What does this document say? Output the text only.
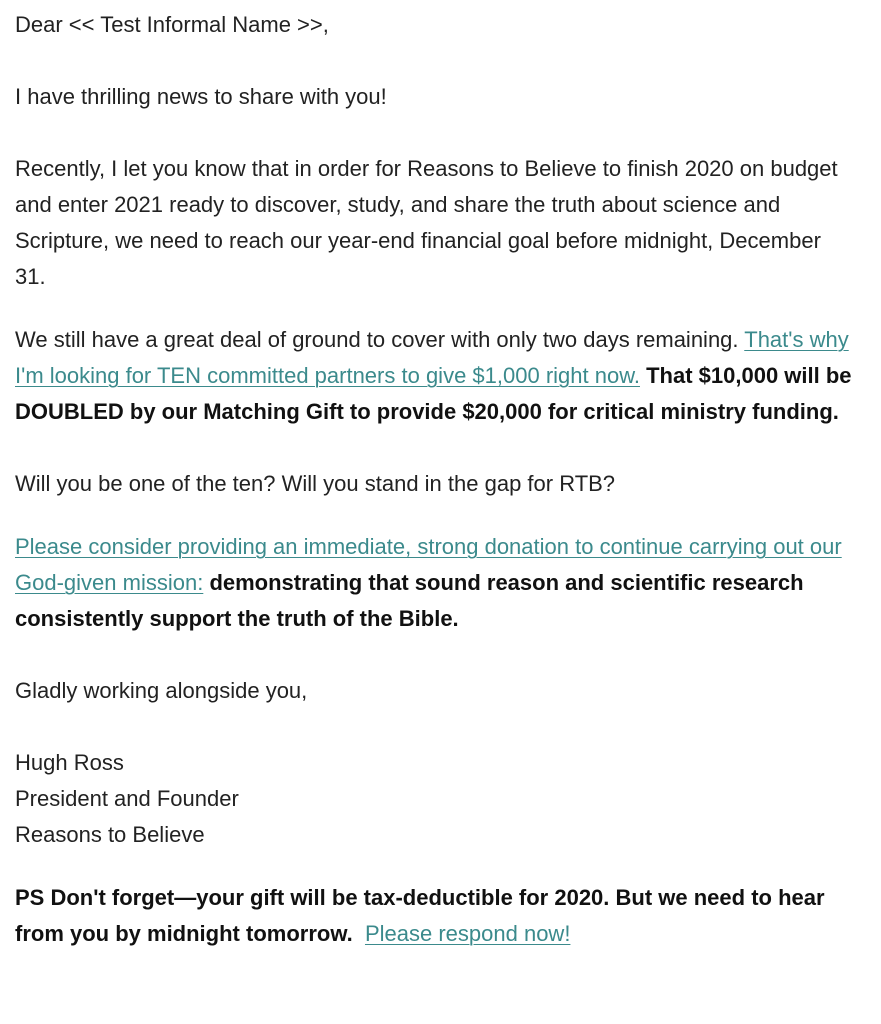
Dear << Test Informal Name >>,

I have thrilling news to share with you!

Recently, I let you know that in order for Reasons to Believe to finish 2020 on budget and enter 2021 ready to discover, study, and share the truth about science and Scripture, we need to reach our year-end financial goal before midnight, December 31.

We still have a great deal of ground to cover with only two days remaining. That's why I'm looking for TEN committed partners to give $1,000 right now. That $10,000 will be DOUBLED by our Matching Gift to provide $20,000 for critical ministry funding.

Will you be one of the ten? Will you stand in the gap for RTB?

Please consider providing an immediate, strong donation to continue carrying out our God-given mission: demonstrating that sound reason and scientific research consistently support the truth of the Bible.

Gladly working alongside you,

Hugh Ross
President and Founder
Reasons to Believe

PS Don't forget—your gift will be tax-deductible for 2020. But we need to hear from you by midnight tomorrow. Please respond now!
